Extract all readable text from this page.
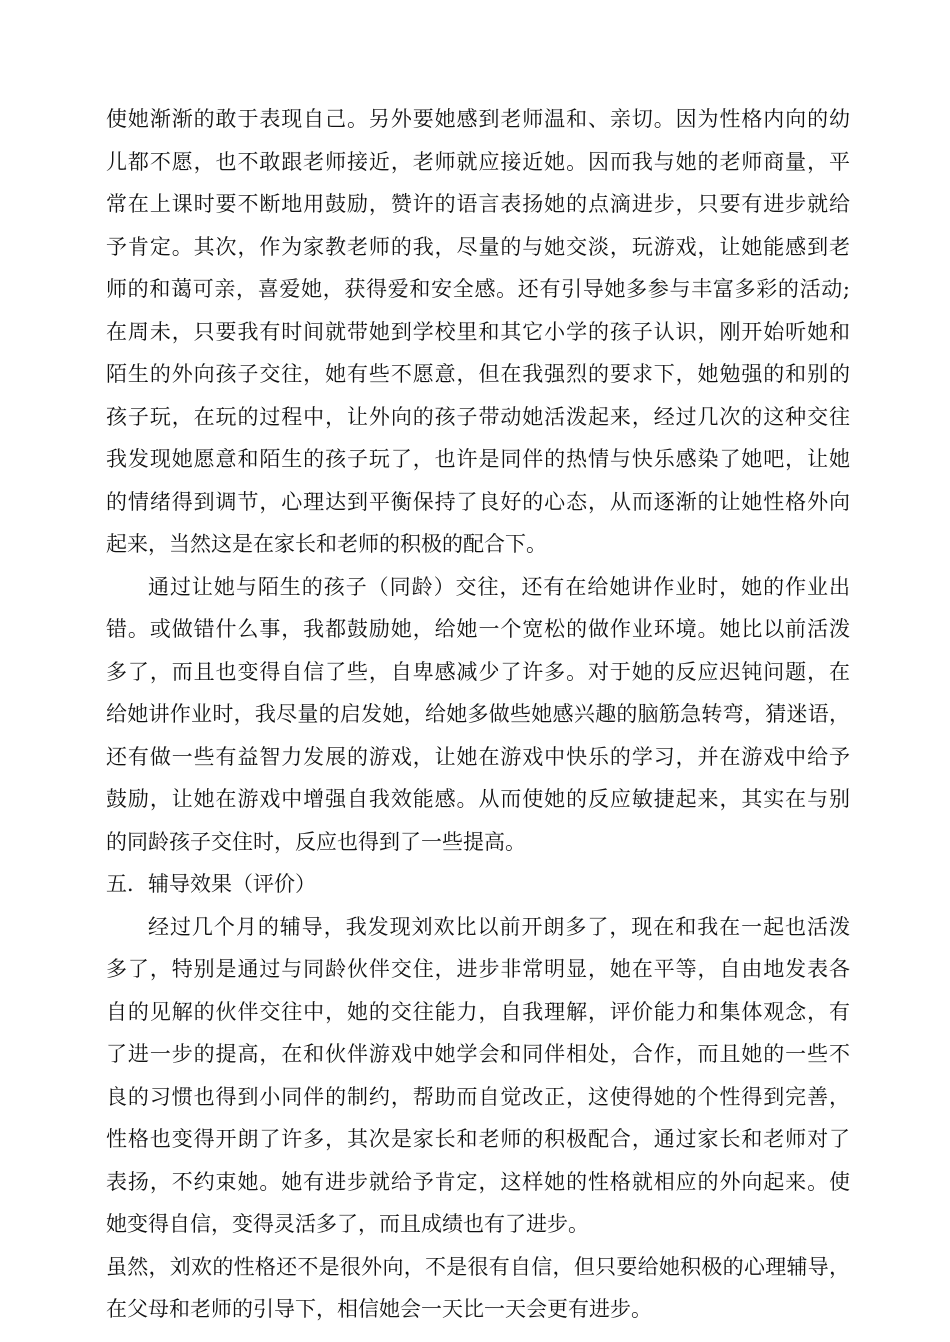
使她渐渐的敢于表现自己。另外要她感到老师温和、亲切。因为性格内向的幼
儿都不愿，也不敢跟老师接近，老师就应接近她。因而我与她的老师商量，平
常在上课时要不断地用鼓励，赞许的语言表扬她的点滴进步，只要有进步就给
予肯定。其次，作为家教老师的我，尽量的与她交淡，玩游戏，让她能感到老
师的和蔼可亲，喜爱她，获得爱和安全感。还有引导她多参与丰富多彩的活动;
在周未，只要我有时间就带她到学校里和其它小学的孩子认识，刚开始听她和
陌生的外向孩子交往，她有些不愿意，但在我强烈的要求下，她勉强的和别的
孩子玩，在玩的过程中，让外向的孩子带动她活泼起来，经过几次的这种交往
我发现她愿意和陌生的孩子玩了，也许是同伴的热情与快乐感染了她吧，让她
的情绪得到调节，心理达到平衡保持了良好的心态，从而逐渐的让她性格外向
起来，当然这是在家长和老师的积极的配合下。
通过让她与陌生的孩子（同龄）交往，还有在给她讲作业时，她的作业出
错。或做错什么事，我都鼓励她，给她一个宽松的做作业环境。她比以前活泼
多了，而且也变得自信了些，自卑感减少了许多。对于她的反应迟钝问题，在
给她讲作业时，我尽量的启发她，给她多做些她感兴趣的脑筋急转弯，猜迷语，
还有做一些有益智力发展的游戏，让她在游戏中快乐的学习，并在游戏中给予
鼓励，让她在游戏中增强自我效能感。从而使她的反应敏捷起来，其实在与别
的同龄孩子交住时，反应也得到了一些提高。
五．辅导效果（评价）
经过几个月的辅导，我发现刘欢比以前开朗多了，现在和我在一起也活泼
多了，特别是通过与同龄伙伴交住，进步非常明显，她在平等，自由地发表各
自的见解的伙伴交往中，她的交往能力，自我理解，评价能力和集体观念，有
了进一步的提高，在和伙伴游戏中她学会和同伴相处，合作，而且她的一些不
良的习惯也得到小同伴的制约，帮助而自觉改正，这使得她的个性得到完善，
性格也变得开朗了许多，其次是家长和老师的积极配合，通过家长和老师对了
表扬，不约束她。她有进步就给予肯定，这样她的性格就相应的外向起来。使
她变得自信，变得灵活多了，而且成绩也有了进步。
虽然，刘欢的性格还不是很外向，不是很有自信，但只要给她积极的心理辅导，
在父母和老师的引导下，相信她会一天比一天会更有进步。
